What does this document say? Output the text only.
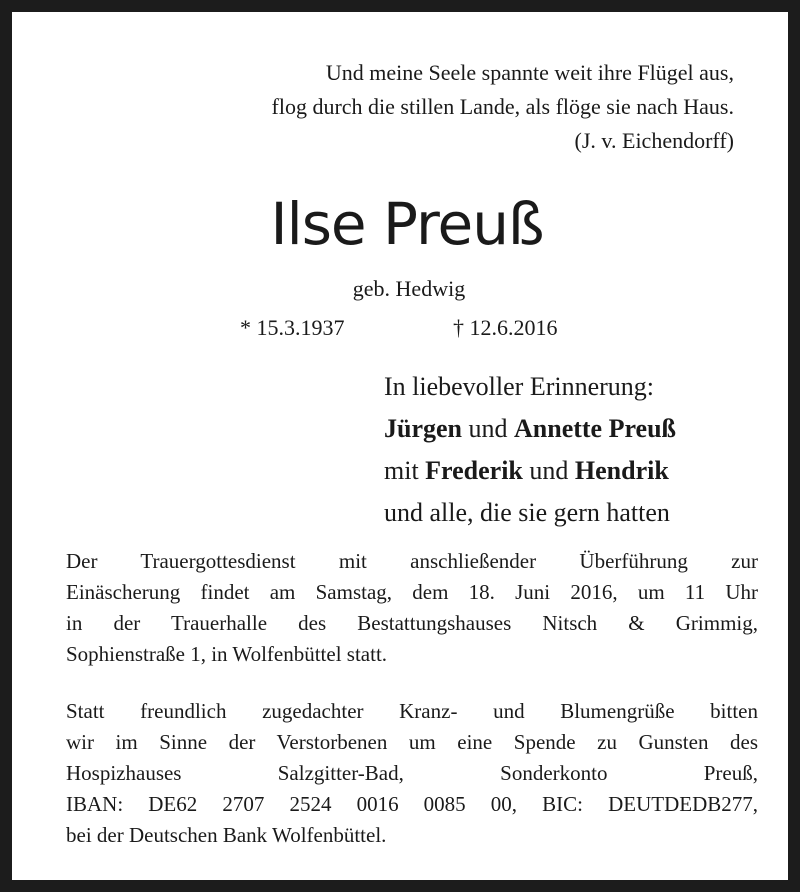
Und meine Seele spannte weit ihre Flügel aus,
flog durch die stillen Lande, als flöge sie nach Haus.
(J. v. Eichendorff)
Ilse Preuß
geb. Hedwig
* 15.3.1937	† 12.6.2016
In liebevoller Erinnerung:
Jürgen und Annette Preuß
mit Frederik und Hendrik
und alle, die sie gern hatten
Der Trauergottesdienst mit anschließender Überführung zur
Einäscherung findet am Samstag, dem 18. Juni 2016, um 11 Uhr
in der Trauerhalle des Bestattungshauses Nitsch & Grimmig,
Sophienstraße 1, in Wolfenbüttel statt.
Statt freundlich zugedachter Kranz- und Blumengrüße bitten
wir im Sinne der Verstorbenen um eine Spende zu Gunsten des
Hospizhauses Salzgitter-Bad, Sonderkonto Preuß,
IBAN: DE62 2707 2524 0016 0085 00, BIC: DEUTDEDB277,
bei der Deutschen Bank Wolfenbüttel.
